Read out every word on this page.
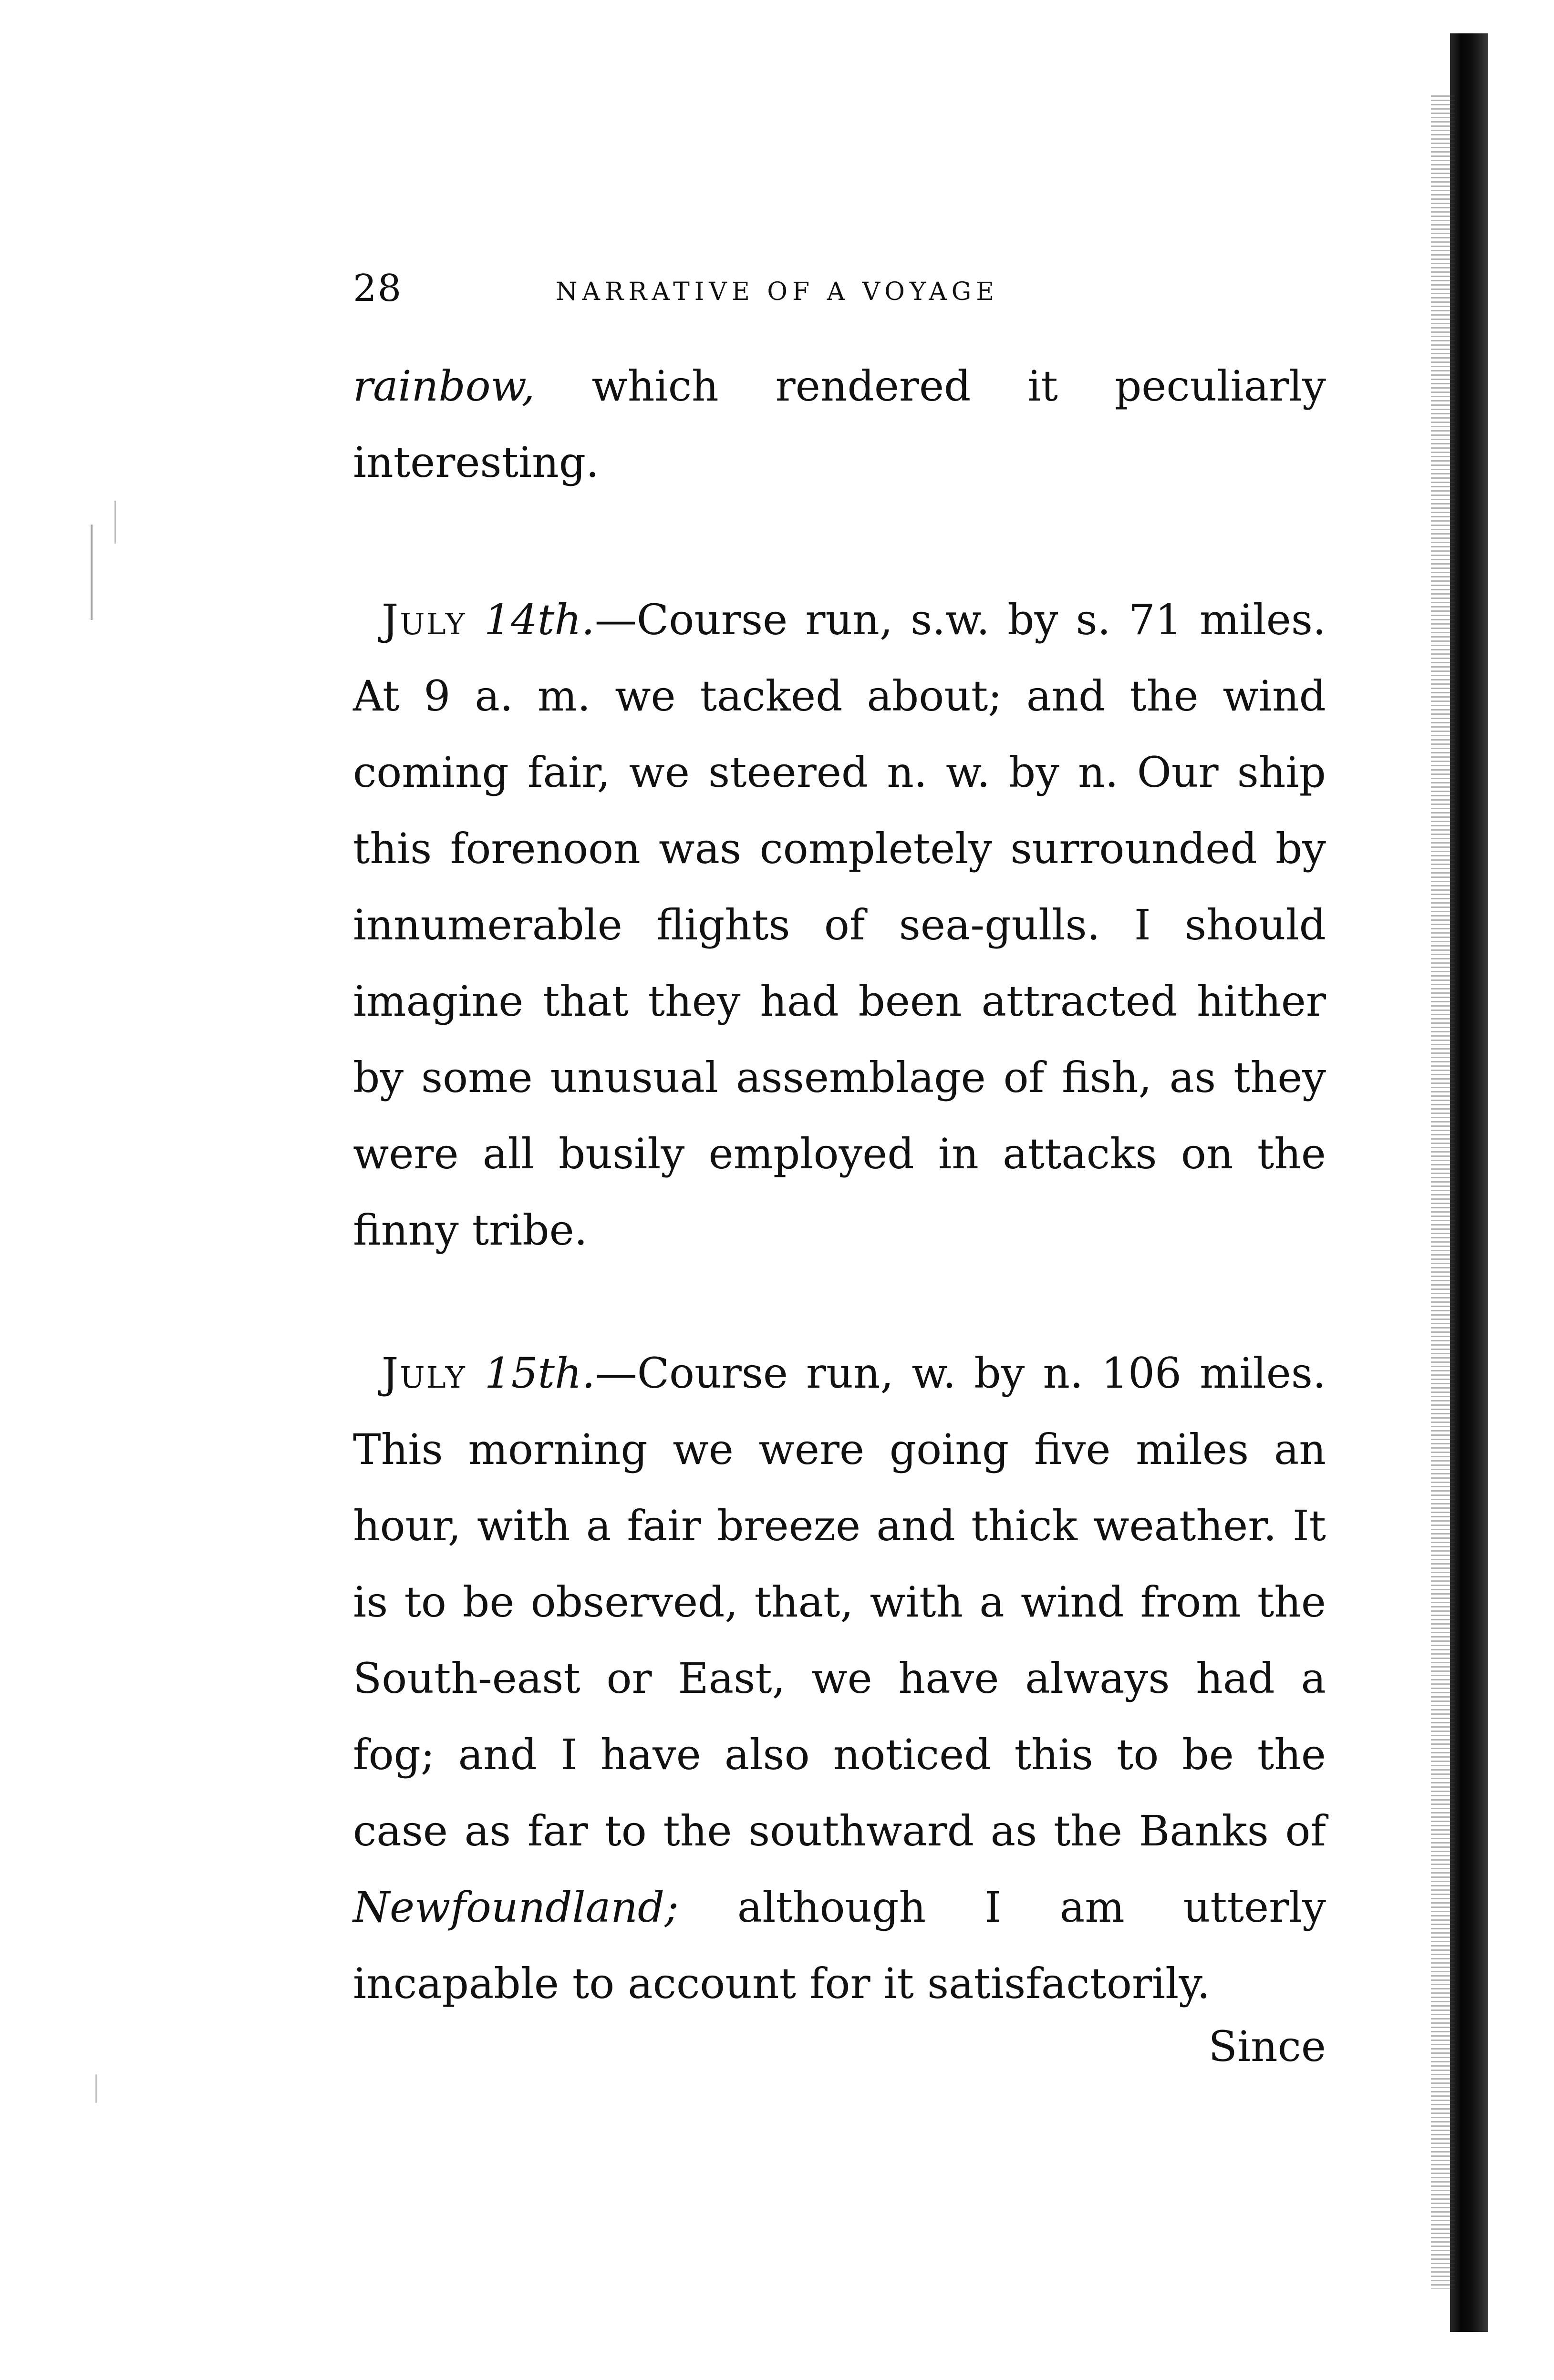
28	NARRATIVE OF A VOYAGE

rainbow, which rendered it peculiarly interesting.

July 14th.—Course run, s.w. by s. 71 miles. At 9 a. m. we tacked about; and the wind coming fair, we steered n. w. by n. Our ship this forenoon was completely surrounded by innumerable flights of sea-gulls. I should imagine that they had been attracted hither by some unusual assemblage of fish, as they were all busily employed in attacks on the finny tribe.

July 15th.—Course run, w. by n. 106 miles. This morning we were going five miles an hour, with a fair breeze and thick weather. It is to be observed, that, with a wind from the South-east or East, we have always had a fog; and I have also noticed this to be the case as far to the southward as the Banks of Newfoundland; although I am utterly incapable to account for it satisfactorily.

Since
